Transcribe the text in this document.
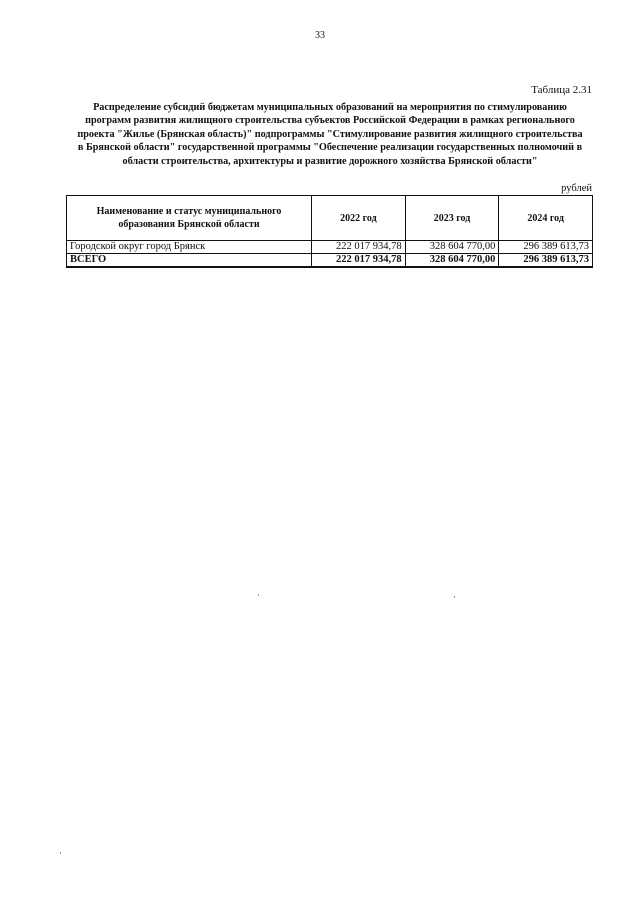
33
Таблица 2.31
Распределение субсидий бюджетам муниципальных образований на мероприятия по стимулированию
программ развития жилищного строительства субъектов Российской Федерации в рамках регионального
проекта "Жилье (Брянская область)" подпрограммы "Стимулирование развития жилищного строительства
в Брянской области" государственной программы "Обеспечение реализации государственных полномочий в
области строительства, архитектуры и развитие дорожного хозяйства Брянской области"
рублей
Наименование и статус муниципального образования Брянской области	2022 год	2023 год	2024 год
Городской округ город Брянск	222 017 934,78	328 604 770,00	296 389 613,73
ВСЕГО	222 017 934,78	328 604 770,00	296 389 613,73
